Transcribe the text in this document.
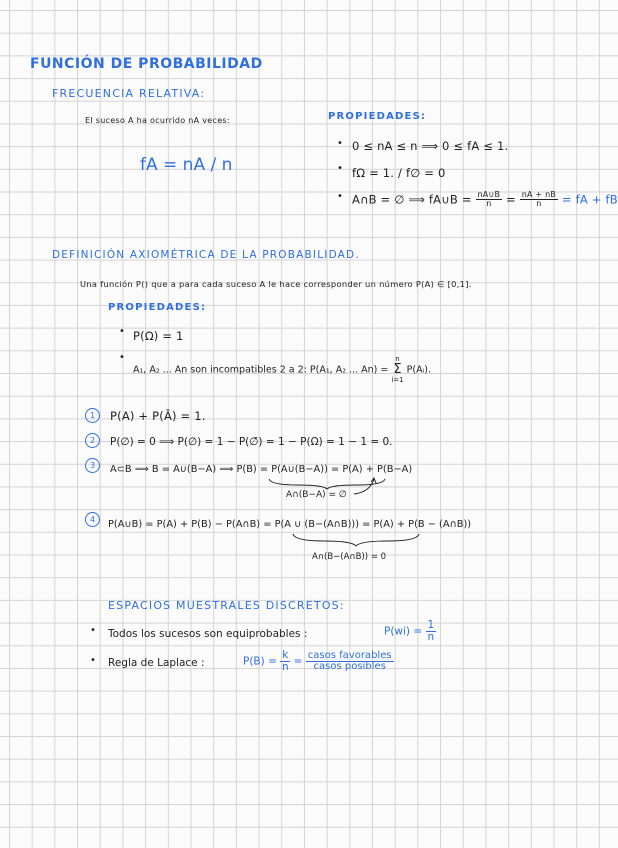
FUNCIÓN DE PROBABILIDAD
FRECUENCIA RELATIVA:
El suceso A ha ocurrido nA veces:
fA = nA / n
PROPIEDADES:
• 0 ≤ nA ≤ n ⟹ 0 ≤ fA ≤ 1.
• fΩ = 1. / f∅ = 0
• A∩B = ∅ ⟹ fA∪B = $\frac{nA\cup B}{n} = \frac{nA + nB}{n}$ = fA + fB
DEFINICIÓN AXIOMÉTRICA DE LA PROBABILIDAD.
Una función P() que a para cada suceso A le hace corresponder un número P(A) ∈ [0,1].
PROPIEDADES:
• P(Ω) = 1
•
A₁, A₂ ... An son incompatibles 2 a 2: P(A₁, A₂ ... An) =
n
Σ
i=1
P(Aᵢ).
1	P(A) + P(Ā) = 1.
2	P(∅) = 0 ⟹ P(∅) = 1 − P(∅̄) = 1 − P(Ω) = 1 − 1 = 0.
3	A⊂B ⟹ B = A∪(B−A) ⟹ P(B) = P(A∪(B−A)) = P(A) + P(B−A)
A∩(B−A) = ∅
4	P(A∪B) = P(A) + P(B) − P(A∩B) = P(A ∪ (B−(A∩B))) = P(A) + P(B − (A∩B))
A∩(B−(A∩B)) = 0
ESPACIOS MUESTRALES DISCRETOS:
• Todos los sucesos son equiprobables :	$P(wi) = \frac{1}{n}$
• Regla de Laplace :	$P(B) = \frac{k}{n} = \frac{\text{casos favorables}}{\text{casos posibles}}$
